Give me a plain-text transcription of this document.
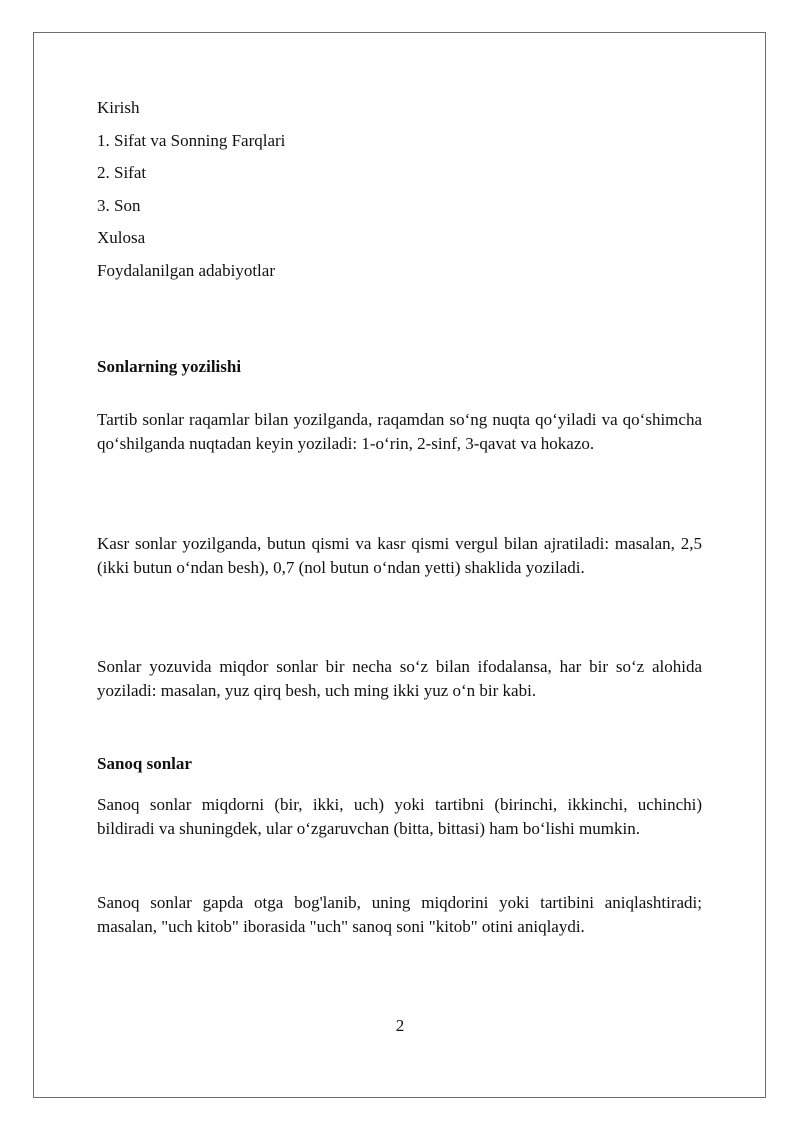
Kirish
1. Sifat va Sonning Farqlari
2. Sifat
3. Son
Xulosa
Foydalanilgan adabiyotlar
Sonlarning yozilishi
Tartib sonlar raqamlar bilan yozilganda, raqamdan so‘ng nuqta qo‘yiladi va qo‘shimcha qo‘shilganda nuqtadan keyin yoziladi: 1-o‘rin, 2-sinf, 3-qavat va hokazo.
Kasr sonlar yozilganda, butun qismi va kasr qismi vergul bilan ajratiladi: masalan, 2,5 (ikki butun o‘ndan besh), 0,7 (nol butun o‘ndan yetti) shaklida yoziladi.
Sonlar yozuvida miqdor sonlar bir necha so‘z bilan ifodalansa, har bir so‘z alohida yoziladi: masalan, yuz qirq besh, uch ming ikki yuz o‘n bir kabi.
Sanoq sonlar
Sanoq sonlar miqdorni (bir, ikki, uch) yoki tartibni (birinchi, ikkinchi, uchinchi) bildiradi va shuningdek, ular o‘zgaruvchan (bitta, bittasi) ham bo‘lishi mumkin.
Sanoq sonlar gapda otga bog'lanib, uning miqdorini yoki tartibini aniqlashtiradi; masalan, "uch kitob" iborasida "uch" sanoq soni "kitob" otini aniqlaydi.
2
